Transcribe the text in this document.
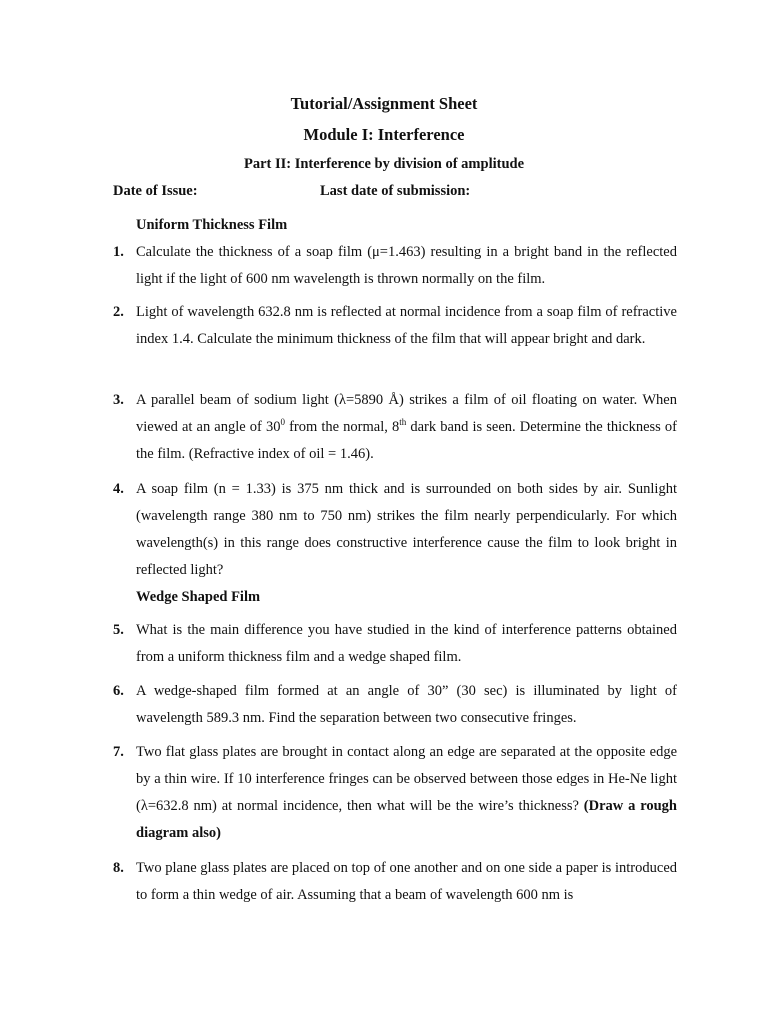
Tutorial/Assignment Sheet
Module I: Interference
Part II: Interference by division of amplitude
Date of Issue:	Last date of submission:
Uniform Thickness Film
1. Calculate the thickness of a soap film (μ=1.463) resulting in a bright band in the reflected light if the light of 600 nm wavelength is thrown normally on the film.
2. Light of wavelength 632.8 nm is reflected at normal incidence from a soap film of refractive index 1.4. Calculate the minimum thickness of the film that will appear bright and dark.
3. A parallel beam of sodium light (λ=5890 Å) strikes a film of oil floating on water. When viewed at an angle of $30^0$ from the normal, 8th dark band is seen. Determine the thickness of the film. (Refractive index of oil = 1.46).
4. A soap film (n = 1.33) is 375 nm thick and is surrounded on both sides by air. Sunlight (wavelength range 380 nm to 750 nm) strikes the film nearly perpendicularly. For which wavelength(s) in this range does constructive interference cause the film to look bright in reflected light?
Wedge Shaped Film
5. What is the main difference you have studied in the kind of interference patterns obtained from a uniform thickness film and a wedge shaped film.
6. A wedge-shaped film formed at an angle of 30” (30 sec) is illuminated by light of wavelength 589.3 nm. Find the separation between two consecutive fringes.
7. Two flat glass plates are brought in contact along an edge are separated at the opposite edge by a thin wire. If 10 interference fringes can be observed between those edges in He-Ne light (λ=632.8 nm) at normal incidence, then what will be the wire’s thickness? (Draw a rough diagram also)
8. Two plane glass plates are placed on top of one another and on one side a paper is introduced to form a thin wedge of air. Assuming that a beam of wavelength 600 nm is
